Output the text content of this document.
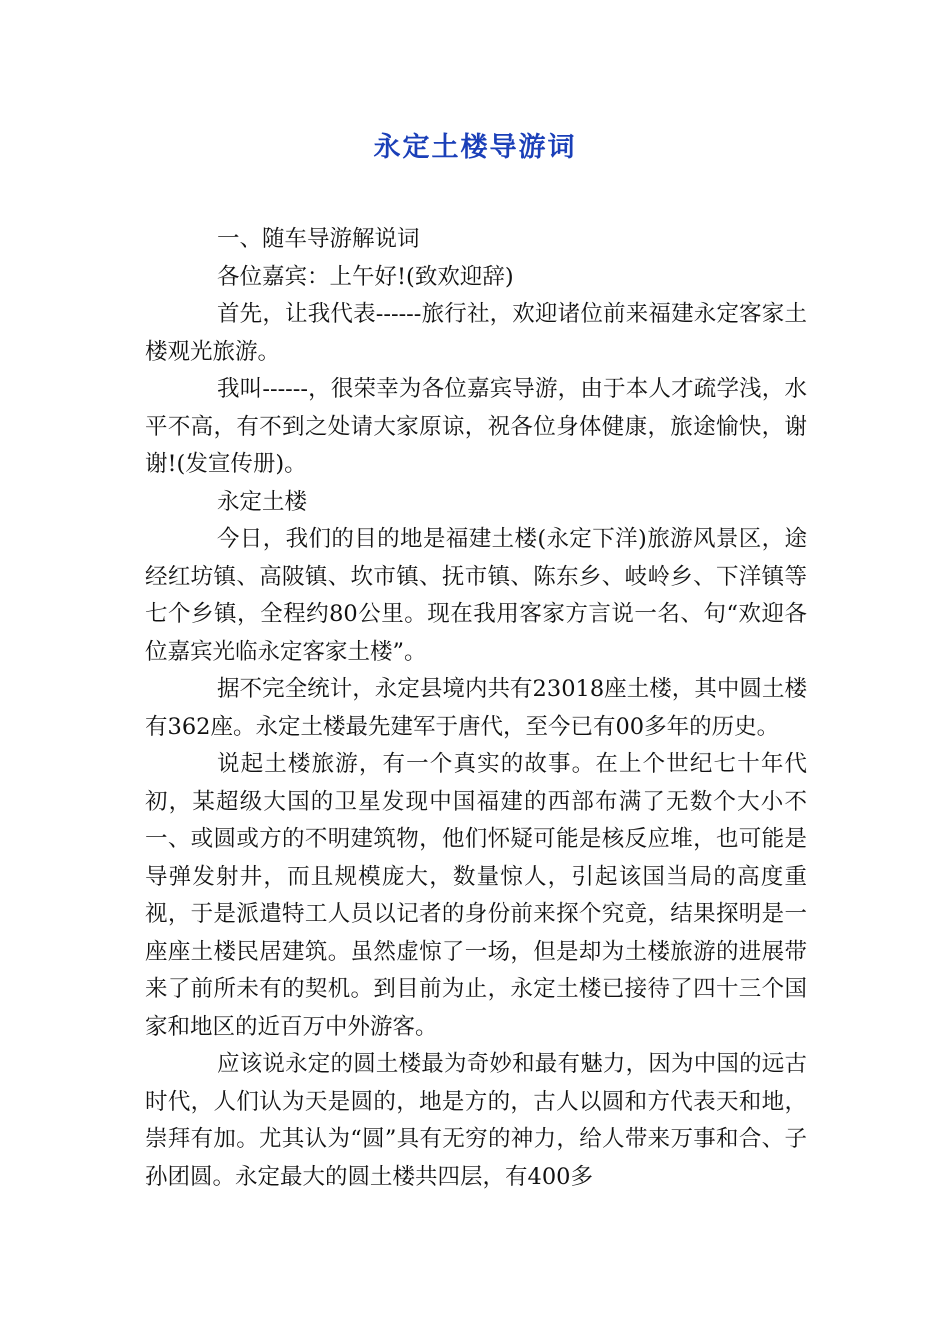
永定土楼导游词

一、随车导游解说词

各位嘉宾：上午好!(致欢迎辞)

首先，让我代表------旅行社，欢迎诸位前来福建永定客家土楼观光旅游。

我叫------，很荣幸为各位嘉宾导游，由于本人才疏学浅，水平不高，有不到之处请大家原谅，祝各位身体健康，旅途愉快，谢谢!(发宣传册)。

永定土楼

今日，我们的目的地是福建土楼(永定下洋)旅游风景区，途经红坊镇、高陂镇、坎市镇、抚市镇、陈东乡、岐岭乡、下洋镇等七个乡镇，全程约80公里。现在我用客家方言说一名、句“欢迎各位嘉宾光临永定客家土楼”。

据不完全统计，永定县境内共有23018座土楼，其中圆土楼有362座。永定土楼最先建军于唐代，至今已有00多年的历史。

说起土楼旅游，有一个真实的故事。在上个世纪七十年代初，某超级大国的卫星发现中国福建的西部布满了无数个大小不一、或圆或方的不明建筑物，他们怀疑可能是核反应堆，也可能是导弹发射井，而且规模庞大，数量惊人，引起该国当局的高度重视，于是派遣特工人员以记者的身份前来探个究竟，结果探明是一座座土楼民居建筑。虽然虚惊了一场，但是却为土楼旅游的进展带来了前所未有的契机。到目前为止，永定土楼已接待了四十三个国家和地区的近百万中外游客。

应该说永定的圆土楼最为奇妙和最有魅力，因为中国的远古时代，人们认为天是圆的，地是方的，古人以圆和方代表天和地，崇拜有加。尤其认为“圆”具有无穷的神力，给人带来万事和合、子孙团圆。永定最大的圆土楼共四层，有400多
